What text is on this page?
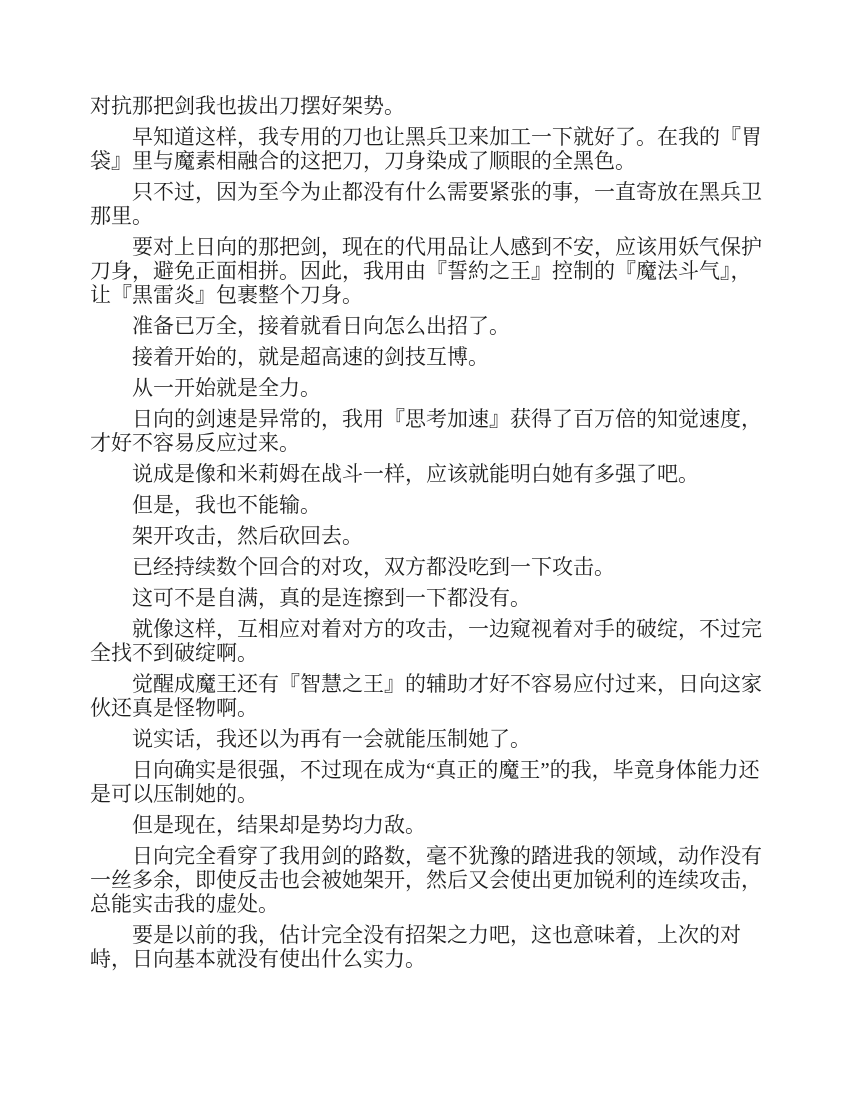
对抗那把剑我也拔出刀摆好架势。

早知道这样，我专用的刀也让黑兵卫来加工一下就好了。在我的『胃袋』里与魔素相融合的这把刀，刀身染成了顺眼的全黑色。

只不过，因为至今为止都没有什么需要紧张的事，一直寄放在黑兵卫那里。

要对上日向的那把剑，现在的代用品让人感到不安，应该用妖气保护刀身，避免正面相拼。因此，我用由『誓約之王』控制的『魔法斗气』，让『黒雷炎』包裹整个刀身。

准备已万全，接着就看日向怎么出招了。

接着开始的，就是超高速的剑技互博。

从一开始就是全力。

日向的剑速是异常的，我用『思考加速』获得了百万倍的知觉速度，才好不容易反应过来。

说成是像和米莉姆在战斗一样，应该就能明白她有多强了吧。

但是，我也不能输。

架开攻击，然后砍回去。

已经持续数个回合的对攻，双方都没吃到一下攻击。

这可不是自满，真的是连擦到一下都没有。

就像这样，互相应对着对方的攻击，一边窥视着对手的破绽，不过完全找不到破绽啊。

觉醒成魔王还有『智慧之王』的辅助才好不容易应付过来，日向这家伙还真是怪物啊。

说实话，我还以为再有一会就能压制她了。

日向确实是很强，不过现在成为“真正的魔王”的我，毕竟身体能力还是可以压制她的。

但是现在，结果却是势均力敌。

日向完全看穿了我用剑的路数，毫不犹豫的踏进我的领域，动作没有一丝多余，即使反击也会被她架开，然后又会使出更加锐利的连续攻击，总能实击我的虚处。

要是以前的我，估计完全没有招架之力吧，这也意味着，上次的对峙，日向基本就没有使出什么实力。
